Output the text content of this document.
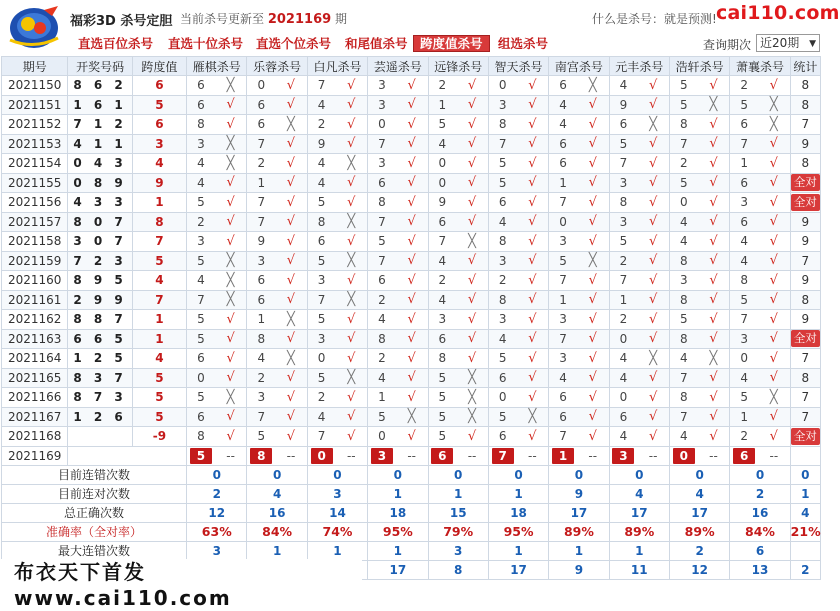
福彩3D 杀号定胆 当前杀号更新至 2021169 期	什么是杀号：就是预测! cai110.com
直选百位杀号 直选十位杀号 直选个位杀号 和尾值杀号 跨度值杀号	组选杀号	查询期次 近20期 ▼
期号	开奖号码	跨度值	雁棋杀号		乐蓉杀号		白凡杀号		芸遥杀号		远锋杀号		智天杀号		南宫杀号		元丰杀号		浩轩杀号		萧襄杀号		统计
2021150	8 6 2	6	6	╳	0	√	7	√	3	√	2	√	0	√	6	╳	4	√	5	√	2	√	8
2021151	1 6 1	5	6	√	6	√	4	√	3	√	1	√	3	√	4	√	9	√	5	╳	5	╳	8
2021152	7 1 2	6	8	√	6	╳	2	√	0	√	5	√	8	√	4	√	6	╳	8	√	6	╳	7
2021153	4 1 1	3	3	╳	7	√	9	√	7	√	4	√	7	√	6	√	5	√	7	√	7	√	9
2021154	0 4 3	4	4	╳	2	√	4	╳	3	√	0	√	5	√	6	√	7	√	2	√	1	√	8
2021155	0 8 9	9	4	√	1	√	4	√	6	√	0	√	5	√	1	√	3	√	5	√	6	√	全对
2021156	4 3 3	1	5	√	7	√	5	√	8	√	9	√	6	√	7	√	8	√	0	√	3	√	全对
2021157	8 0 7	8	2	√	7	√	8	╳	7	√	6	√	4	√	0	√	3	√	4	√	6	√	9
2021158	3 0 7	7	3	√	9	√	6	√	5	√	7	╳	8	√	3	√	5	√	4	√	4	√	9
2021159	7 2 3	5	5	╳	3	√	5	╳	7	√	4	√	3	√	5	╳	2	√	8	√	4	√	7
2021160	8 9 5	4	4	╳	6	√	3	√	6	√	2	√	2	√	7	√	7	√	3	√	8	√	9
2021161	2 9 9	7	7	╳	6	√	7	╳	2	√	4	√	8	√	1	√	1	√	8	√	5	√	8
2021162	8 8 7	1	5	√	1	╳	5	√	4	√	3	√	3	√	3	√	2	√	5	√	7	√	9
2021163	6 6 5	1	5	√	8	√	3	√	8	√	6	√	4	√	7	√	0	√	8	√	3	√	全对
2021164	1 2 5	4	6	√	4	╳	0	√	2	√	8	√	5	√	3	√	4	╳	4	╳	0	√	7
2021165	8 3 7	5	0	√	2	√	5	╳	4	√	5	╳	6	√	4	√	4	√	7	√	4	√	8
2021166	8 7 3	5	5	╳	3	√	2	√	1	√	5	╳	0	√	6	√	0	√	8	√	5	╳	7
2021167	1 2 6	5	6	√	7	√	4	√	5	╳	5	╳	5	╳	6	√	6	√	7	√	1	√	7
2021168		-9	8	√	5	√	7	√	0	√	5	√	6	√	7	√	4	√	4	√	2	√	全对
2021169	当前期杀号		5	--	8	--	0	--	3	--	6	--	7	--	1	--	3	--	0	--	6	--	
目前连错次数			0		0		0		0		0		0		0		0		0		0		0
目前连对次数			2		4		3		1		1		1		9		4		4		2		1
总正确次数			12		16		14		18		15		18		17		17		17		16		4
准确率（全对率）			63%		84%		74%		95%		79%		95%		89%		89%		89%		84%		21%
最大连错次数			3		1		1		1		3		1		1		1		2		6		
									17		8		17		9		11		12		13		2
布衣天下首发 www.cai110.com
